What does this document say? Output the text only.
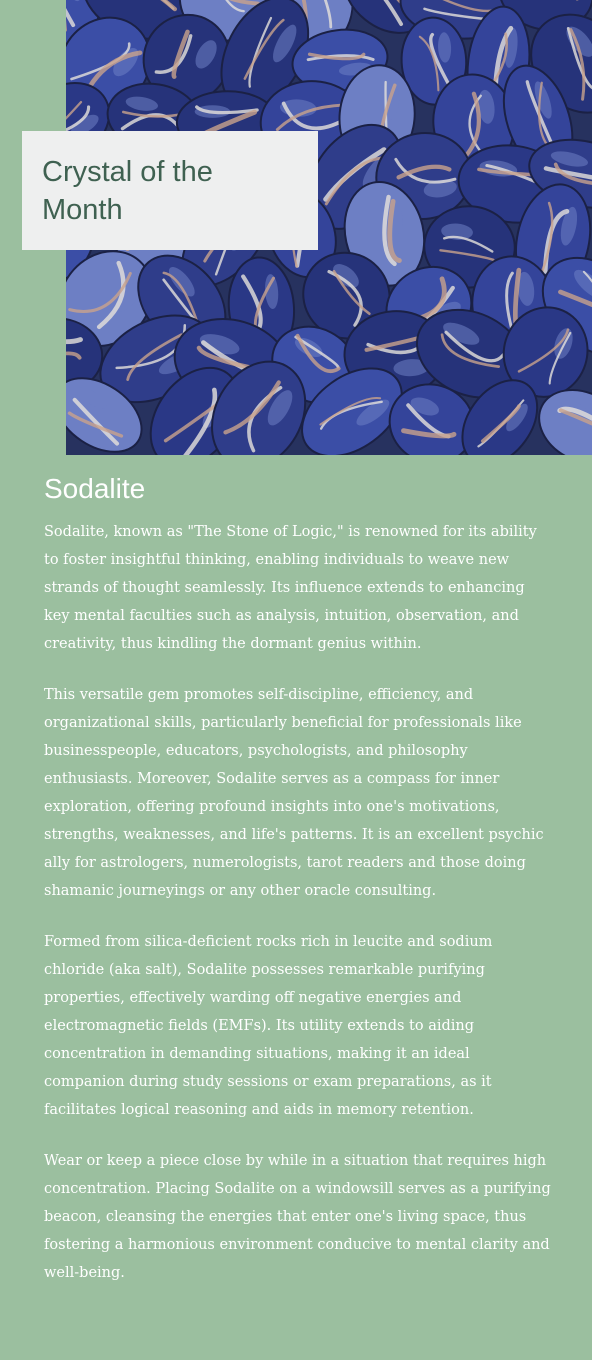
Crystal of the Month
Sodalite

Sodalite, known as "The Stone of Logic," is renowned for its ability to foster insightful thinking, enabling individuals to weave new strands of thought seamlessly. Its influence extends to enhancing key mental faculties such as analysis, intuition, observation, and creativity, thus kindling the dormant genius within.

This versatile gem promotes self-discipline, efficiency, and organizational skills, particularly beneficial for professionals like businesspeople, educators, psychologists, and philosophy enthusiasts. Moreover, Sodalite serves as a compass for inner exploration, offering profound insights into one's motivations, strengths, weaknesses, and life's patterns. It is an excellent psychic ally for astrologers, numerologists, tarot readers and those doing shamanic journeyings or any other oracle consulting.

Formed from silica-deficient rocks rich in leucite and sodium chloride (aka salt), Sodalite possesses remarkable purifying properties, effectively warding off negative energies and electromagnetic fields (EMFs). Its utility extends to aiding concentration in demanding situations, making it an ideal companion during study sessions or exam preparations, as it facilitates logical reasoning and aids in memory retention.

Wear or keep a piece close by while in a situation that requires high concentration. Placing Sodalite on a windowsill serves as a purifying beacon, cleansing the energies that enter one's living space, thus fostering a harmonious environment conducive to mental clarity and well-being.
